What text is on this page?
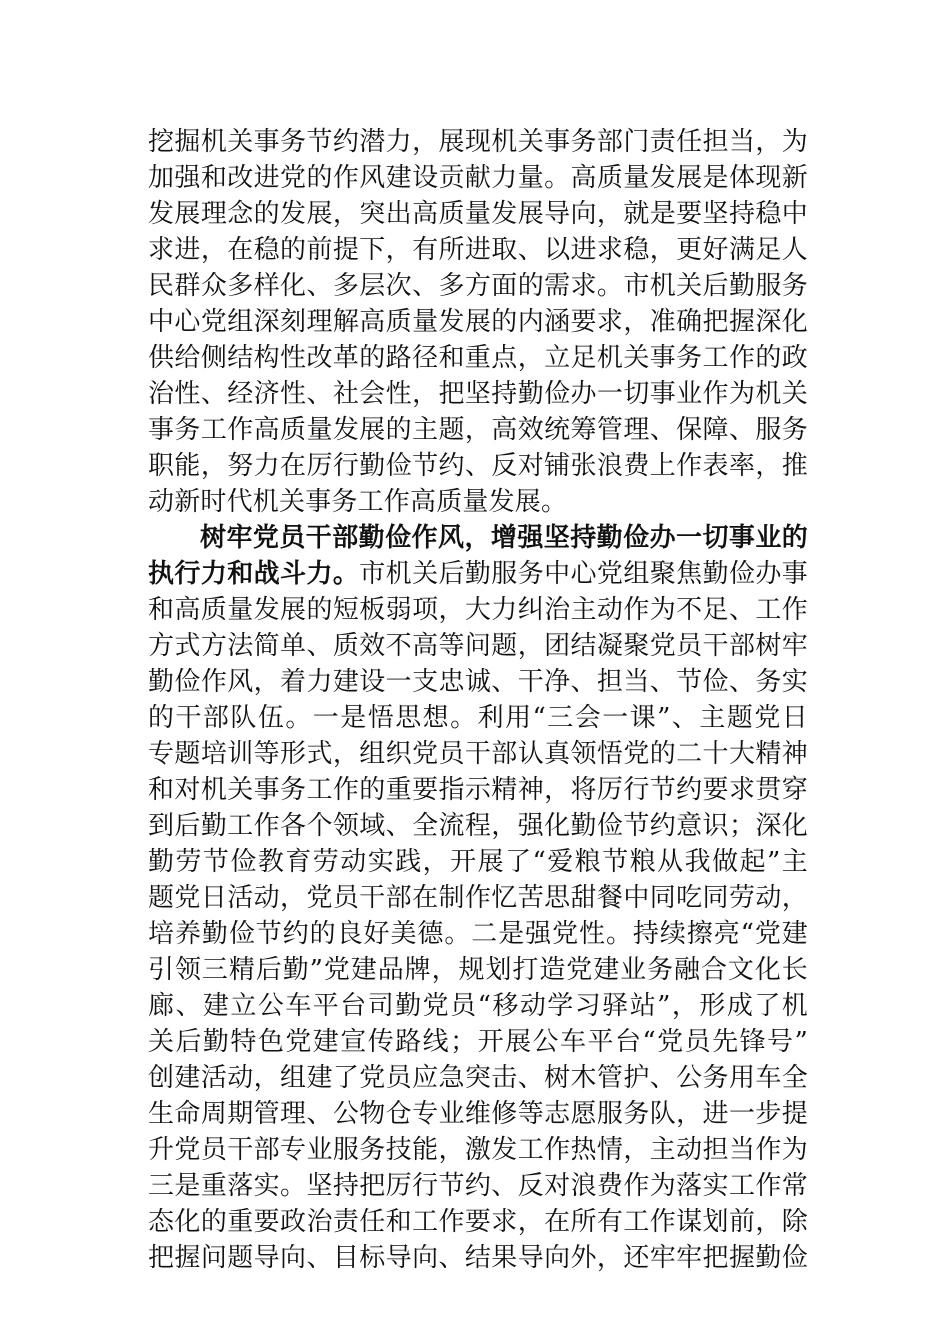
挖掘机关事务节约潜力，展现机关事务部门责任担当，为
加强和改进党的作风建设贡献力量。高质量发展是体现新
发展理念的发展，突出高质量发展导向，就是要坚持稳中
求进，在稳的前提下，有所进取、以进求稳，更好满足人
民群众多样化、多层次、多方面的需求。市机关后勤服务
中心党组深刻理解高质量发展的内涵要求，准确把握深化
供给侧结构性改革的路径和重点，立足机关事务工作的政
治性、经济性、社会性，把坚持勤俭办一切事业作为机关
事务工作高质量发展的主题，高效统筹管理、保障、服务
职能，努力在厉行勤俭节约、反对铺张浪费上作表率，推
动新时代机关事务工作高质量发展。
树牢党员干部勤俭作风，增强坚持勤俭办一切事业的
执行力和战斗力。市机关后勤服务中心党组聚焦勤俭办事
和高质量发展的短板弱项，大力纠治主动作为不足、工作
方式方法简单、质效不高等问题，团结凝聚党员干部树牢
勤俭作风，着力建设一支忠诚、干净、担当、节俭、务实
的干部队伍。一是悟思想。利用“三会一课”、主题党日
专题培训等形式，组织党员干部认真领悟党的二十大精神
和对机关事务工作的重要指示精神，将厉行节约要求贯穿
到后勤工作各个领域、全流程，强化勤俭节约意识；深化
勤劳节俭教育劳动实践，开展了“爱粮节粮从我做起”主
题党日活动，党员干部在制作忆苦思甜餐中同吃同劳动，
培养勤俭节约的良好美德。二是强党性。持续擦亮“党建
引领三精后勤”党建品牌，规划打造党建业务融合文化长
廊、建立公车平台司勤党员“移动学习驿站”，形成了机
关后勤特色党建宣传路线；开展公车平台“党员先锋号”
创建活动，组建了党员应急突击、树木管护、公务用车全
生命周期管理、公物仓专业维修等志愿服务队，进一步提
升党员干部专业服务技能，激发工作热情，主动担当作为
三是重落实。坚持把厉行节约、反对浪费作为落实工作常
态化的重要政治责任和工作要求，在所有工作谋划前，除
把握问题导向、目标导向、结果导向外，还牢牢把握勤俭
